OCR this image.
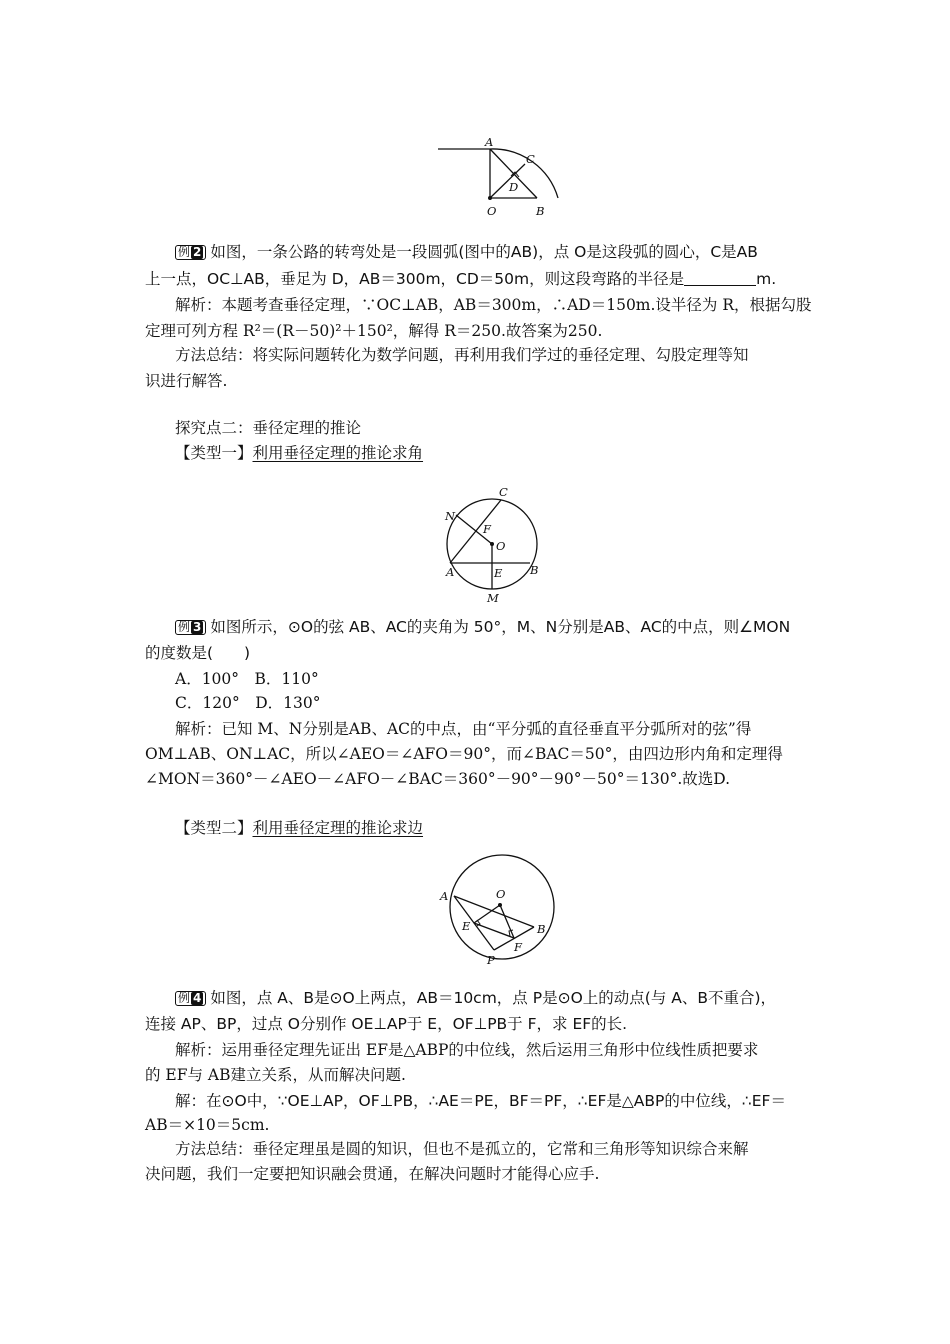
A
C
D
O	B
例 2 如图，一条公路的转弯处是一段圆弧(图中的AB)，点 O是这段弧的圆心，C是AB
上一点，OC⊥AB，垂足为 D，AB＝300m，CD＝50m，则这段弯路的半径是	m.
解析：本题考查垂径定理，∵OC⊥AB，AB＝300m，∴AD＝150m.设半径为 R，根据勾股
定理可列方程 R²＝(R－50)²＋150²，解得 R＝250.故答案为250.
方法总结：将实际问题转化为数学问题，再利用我们学过的垂径定理、勾股定理等知
识进行解答.
探究点二：垂径定理的推论
【类型一】利用垂径定理的推论求角
C
N
F
O
A	E B
M
例 3 如图所示，⊙O的弦 AB、AC的夹角为 50°，M、N分别是AB、AC的中点，则∠MON
的度数是(　　)
A．100°　B．110°
C．120°　D．130°
解析：已知 M、N分别是AB、AC的中点，由“平分弧的直径垂直平分弧所对的弦”得
OM⊥AB、ON⊥AC，所以∠AEO＝∠AFO＝90°，而∠BAC＝50°，由四边形内角和定理得
∠MON＝360°－∠AEO－∠AFO－∠BAC＝360°－90°－90°－50°＝130°.故选D.
【类型二】利用垂径定理的推论求边
O
A
E	B
F
P
例 4 如图，点 A、B是⊙O上两点，AB＝10cm，点 P是⊙O上的动点(与 A、B不重合)，
连接 AP、BP，过点 O分别作 OE⊥AP于 E，OF⊥PB于 F，求 EF的长.
解析：运用垂径定理先证出 EF是△ABP的中位线，然后运用三角形中位线性质把要求
的 EF与 AB建立关系，从而解决问题.
解：在⊙O中，∵OE⊥AP，OF⊥PB，∴AE＝PE，BF＝PF，∴EF是△ABP的中位线，∴EF＝
AB＝×10＝5cm.
方法总结：垂径定理虽是圆的知识，但也不是孤立的，它常和三角形等知识综合来解
决问题，我们一定要把知识融会贯通，在解决问题时才能得心应手.
